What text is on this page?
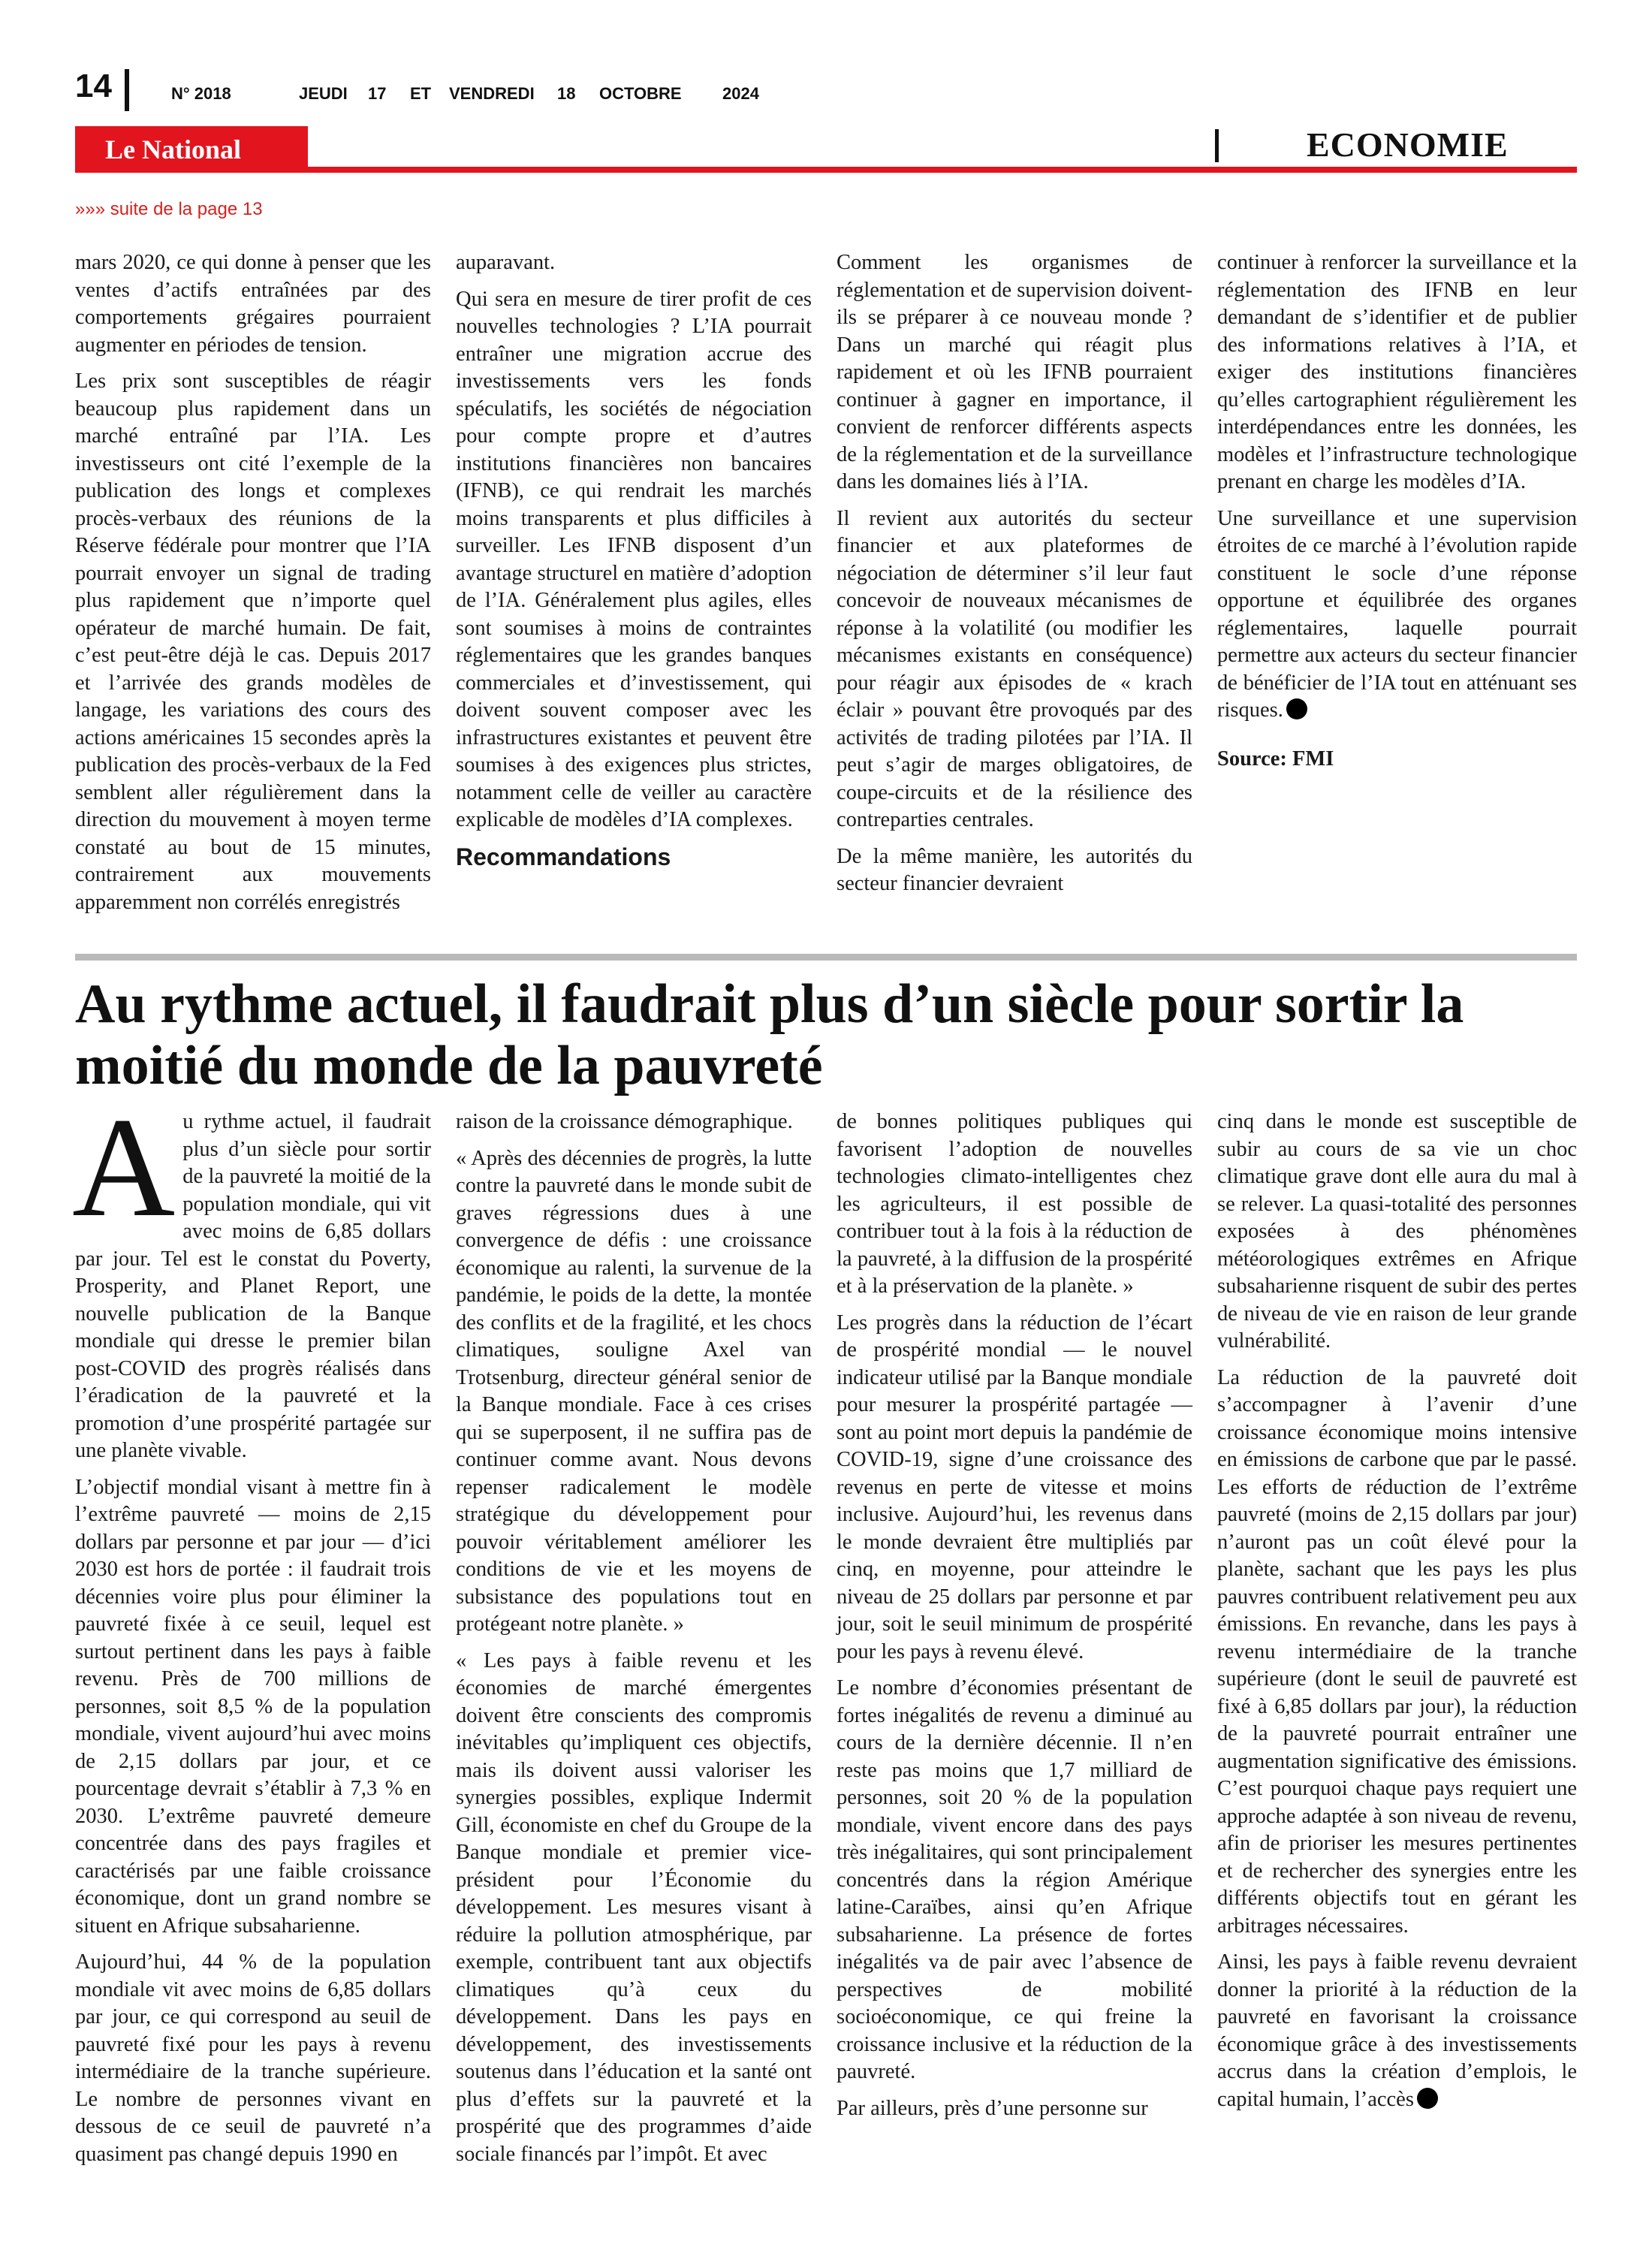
14	N° 2018	JEUDI 17 ET VENDREDI 18 OCTOBRE 2024
Le National	ECONOMIE
»»» suite de la page 13

mars 2020, ce qui donne à penser que les ventes d’actifs entraînées par des comportements grégaires pourraient augmenter en périodes de tension.

Les prix sont susceptibles de réagir beaucoup plus rapidement dans un marché entraîné par l’IA. Les investisseurs ont cité l’exemple de la publication des longs et complexes procès-verbaux des réunions de la Réserve fédérale pour montrer que l’IA pourrait envoyer un signal de trading plus rapidement que n’importe quel opérateur de marché humain. De fait, c’est peut-être déjà le cas. Depuis 2017 et l’arrivée des grands modèles de langage, les variations des cours des actions américaines 15 secondes après la publication des procès-verbaux de la Fed semblent aller régulièrement dans la direction du mouvement à moyen terme constaté au bout de 15 minutes, contrairement aux mouvements apparemment non corrélés enregistrés

auparavant.

Qui sera en mesure de tirer profit de ces nouvelles technologies ? L’IA pourrait entraîner une migration accrue des investissements vers les fonds spéculatifs, les sociétés de négociation pour compte propre et d’autres institutions financières non bancaires (IFNB), ce qui rendrait les marchés moins transparents et plus difficiles à surveiller. Les IFNB disposent d’un avantage structurel en matière d’adoption de l’IA. Généralement plus agiles, elles sont soumises à moins de contraintes réglementaires que les grandes banques commerciales et d’investissement, qui doivent souvent composer avec les infrastructures existantes et peuvent être soumises à des exigences plus strictes, notamment celle de veiller au caractère explicable de modèles d’IA complexes.

Recommandations

Comment les organismes de réglementation et de supervision doivent-ils se préparer à ce nouveau monde ? Dans un marché qui réagit plus rapidement et où les IFNB pourraient continuer à gagner en importance, il convient de renforcer différents aspects de la réglementation et de la surveillance dans les domaines liés à l’IA.

Il revient aux autorités du secteur financier et aux plateformes de négociation de déterminer s’il leur faut concevoir de nouveaux mécanismes de réponse à la volatilité (ou modifier les mécanismes existants en conséquence) pour réagir aux épisodes de « krach éclair » pouvant être provoqués par des activités de trading pilotées par l’IA. Il peut s’agir de marges obligatoires, de coupe-circuits et de la résilience des contreparties centrales.

De la même manière, les autorités du secteur financier devraient

continuer à renforcer la surveillance et la réglementation des IFNB en leur demandant de s’identifier et de publier des informations relatives à l’IA, et exiger des institutions financières qu’elles cartographient régulièrement les interdépendances entre les données, les modèles et l’infrastructure technologique prenant en charge les modèles d’IA.

Une surveillance et une supervision étroites de ce marché à l’évolution rapide constituent le socle d’une réponse opportune et équilibrée des organes réglementaires, laquelle pourrait permettre aux acteurs du secteur financier de bénéficier de l’IA tout en atténuant ses risques.

Source: FMI

Au rythme actuel, il faudrait plus d’un siècle pour sortir la moitié du monde de la pauvreté

Au rythme actuel, il faudrait plus d’un siècle pour sortir de la pauvreté la moitié de la population mondiale, qui vit avec moins de 6,85 dollars par jour. Tel est le constat du Poverty, Prosperity, and Planet Report, une nouvelle publication de la Banque mondiale qui dresse le premier bilan post-COVID des progrès réalisés dans l’éradication de la pauvreté et la promotion d’une prospérité partagée sur une planète vivable.

L’objectif mondial visant à mettre fin à l’extrême pauvreté — moins de 2,15 dollars par personne et par jour — d’ici 2030 est hors de portée : il faudrait trois décennies voire plus pour éliminer la pauvreté fixée à ce seuil, lequel est surtout pertinent dans les pays à faible revenu. Près de 700 millions de personnes, soit 8,5 % de la population mondiale, vivent aujourd’hui avec moins de 2,15 dollars par jour, et ce pourcentage devrait s’établir à 7,3 % en 2030. L’extrême pauvreté demeure concentrée dans des pays fragiles et caractérisés par une faible croissance économique, dont un grand nombre se situent en Afrique subsaharienne.

Aujourd’hui, 44 % de la population mondiale vit avec moins de 6,85 dollars par jour, ce qui correspond au seuil de pauvreté fixé pour les pays à revenu intermédiaire de la tranche supérieure. Le nombre de personnes vivant en dessous de ce seuil de pauvreté n’a quasiment pas changé depuis 1990 en

raison de la croissance démographique.

« Après des décennies de progrès, la lutte contre la pauvreté dans le monde subit de graves régressions dues à une convergence de défis : une croissance économique au ralenti, la survenue de la pandémie, le poids de la dette, la montée des conflits et de la fragilité, et les chocs climatiques, souligne Axel van Trotsenburg, directeur général senior de la Banque mondiale. Face à ces crises qui se superposent, il ne suffira pas de continuer comme avant. Nous devons repenser radicalement le modèle stratégique du développement pour pouvoir véritablement améliorer les conditions de vie et les moyens de subsistance des populations tout en protégeant notre planète. »

« Les pays à faible revenu et les économies de marché émergentes doivent être conscients des compromis inévitables qu’impliquent ces objectifs, mais ils doivent aussi valoriser les synergies possibles, explique Indermit Gill, économiste en chef du Groupe de la Banque mondiale et premier vice-président pour l’Économie du développement. Les mesures visant à réduire la pollution atmosphérique, par exemple, contribuent tant aux objectifs climatiques qu’à ceux du développement. Dans les pays en développement, des investissements soutenus dans l’éducation et la santé ont plus d’effets sur la pauvreté et la prospérité que des programmes d’aide sociale financés par l’impôt. Et avec

de bonnes politiques publiques qui favorisent l’adoption de nouvelles technologies climato-intelligentes chez les agriculteurs, il est possible de contribuer tout à la fois à la réduction de la pauvreté, à la diffusion de la prospérité et à la préservation de la planète. »

Les progrès dans la réduction de l’écart de prospérité mondial — le nouvel indicateur utilisé par la Banque mondiale pour mesurer la prospérité partagée — sont au point mort depuis la pandémie de COVID-19, signe d’une croissance des revenus en perte de vitesse et moins inclusive. Aujourd’hui, les revenus dans le monde devraient être multipliés par cinq, en moyenne, pour atteindre le niveau de 25 dollars par personne et par jour, soit le seuil minimum de prospérité pour les pays à revenu élevé.

Le nombre d’économies présentant de fortes inégalités de revenu a diminué au cours de la dernière décennie. Il n’en reste pas moins que 1,7 milliard de personnes, soit 20 % de la population mondiale, vivent encore dans des pays très inégalitaires, qui sont principalement concentrés dans la région Amérique latine-Caraïbes, ainsi qu’en Afrique subsaharienne. La présence de fortes inégalités va de pair avec l’absence de perspectives de mobilité socioéconomique, ce qui freine la croissance inclusive et la réduction de la pauvreté.

Par ailleurs, près d’une personne sur

cinq dans le monde est susceptible de subir au cours de sa vie un choc climatique grave dont elle aura du mal à se relever. La quasi-totalité des personnes exposées à des phénomènes météorologiques extrêmes en Afrique subsaharienne risquent de subir des pertes de niveau de vie en raison de leur grande vulnérabilité.

La réduction de la pauvreté doit s’accompagner à l’avenir d’une croissance économique moins intensive en émissions de carbone que par le passé. Les efforts de réduction de l’extrême pauvreté (moins de 2,15 dollars par jour) n’auront pas un coût élevé pour la planète, sachant que les pays les plus pauvres contribuent relativement peu aux émissions. En revanche, dans les pays à revenu intermédiaire de la tranche supérieure (dont le seuil de pauvreté est fixé à 6,85 dollars par jour), la réduction de la pauvreté pourrait entraîner une augmentation significative des émissions. C’est pourquoi chaque pays requiert une approche adaptée à son niveau de revenu, afin de prioriser les mesures pertinentes et de rechercher des synergies entre les différents objectifs tout en gérant les arbitrages nécessaires.

Ainsi, les pays à faible revenu devraient donner la priorité à la réduction de la pauvreté en favorisant la croissance économique grâce à des investissements accrus dans la création d’emplois, le capital humain, l’accès
